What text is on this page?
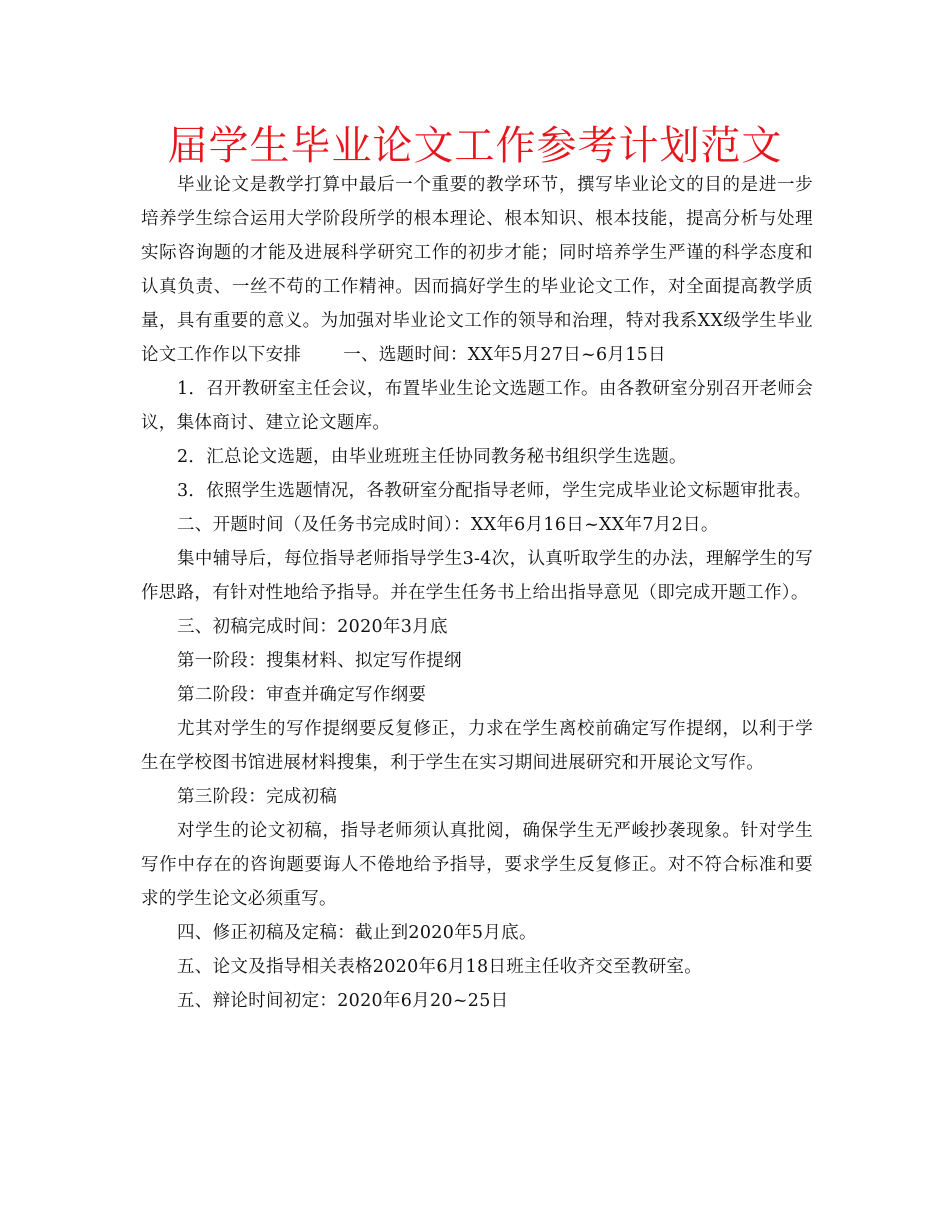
届学生毕业论文工作参考计划范文

毕业论文是教学打算中最后一个重要的教学环节，撰写毕业论文的目的是进一步培养学生综合运用大学阶段所学的根本理论、根本知识、根本技能，提高分析与处理实际咨询题的才能及进展科学研究工作的初步才能；同时培养学生严谨的科学态度和认真负责、一丝不苟的工作精神。因而搞好学生的毕业论文工作，对全面提高教学质量，具有重要的意义。为加强对毕业论文工作的领导和治理，特对我系XX级学生毕业论文工作作以下安排 一、选题时间：XX年5月27日~6月15日

1．召开教研室主任会议，布置毕业生论文选题工作。由各教研室分别召开老师会议，集体商讨、建立论文题库。

2．汇总论文选题，由毕业班班主任协同教务秘书组织学生选题。

3．依照学生选题情况，各教研室分配指导老师，学生完成毕业论文标题审批表。

二、开题时间（及任务书完成时间）：XX年6月16日~XX年7月2日。

集中辅导后，每位指导老师指导学生3-4次，认真听取学生的办法，理解学生的写作思路，有针对性地给予指导。并在学生任务书上给出指导意见（即完成开题工作）。

三、初稿完成时间：2020年3月底

第一阶段：搜集材料、拟定写作提纲

第二阶段：审查并确定写作纲要

尤其对学生的写作提纲要反复修正，力求在学生离校前确定写作提纲，以利于学生在学校图书馆进展材料搜集，利于学生在实习期间进展研究和开展论文写作。

第三阶段：完成初稿

对学生的论文初稿，指导老师须认真批阅，确保学生无严峻抄袭现象。针对学生写作中存在的咨询题要诲人不倦地给予指导，要求学生反复修正。对不符合标准和要求的学生论文必须重写。

四、修正初稿及定稿：截止到2020年5月底。

五、论文及指导相关表格2020年6月18日班主任收齐交至教研室。

五、辩论时间初定：2020年6月20~25日
